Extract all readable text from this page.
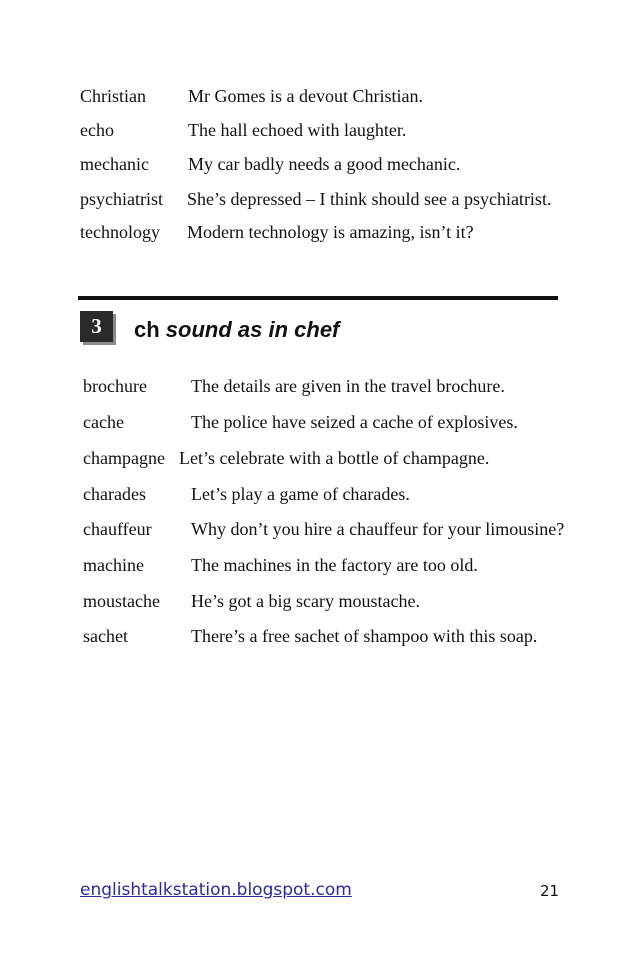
Christian Mr Gomes is a devout Christian.
echo	The hall echoed with laughter.
mechanic My car badly needs a good mechanic.
psychiatrist She’s depressed – I think should see a psychiatrist.
technology Modern technology is amazing, isn’t it?
3	ch sound as in chef
brochure The details are given in the travel brochure.
cache	The police have seized a cache of explosives.
champagne Let’s celebrate with a bottle of champagne.
charades	Let’s play a game of charades.
chauffeur Why don’t you hire a chauffeur for your limousine?
machine	The machines in the factory are too old.
moustache He’s got a big scary moustache.
sachet	There’s a free sachet of shampoo with this soap.
englishtalkstation.blogspot.com	21
